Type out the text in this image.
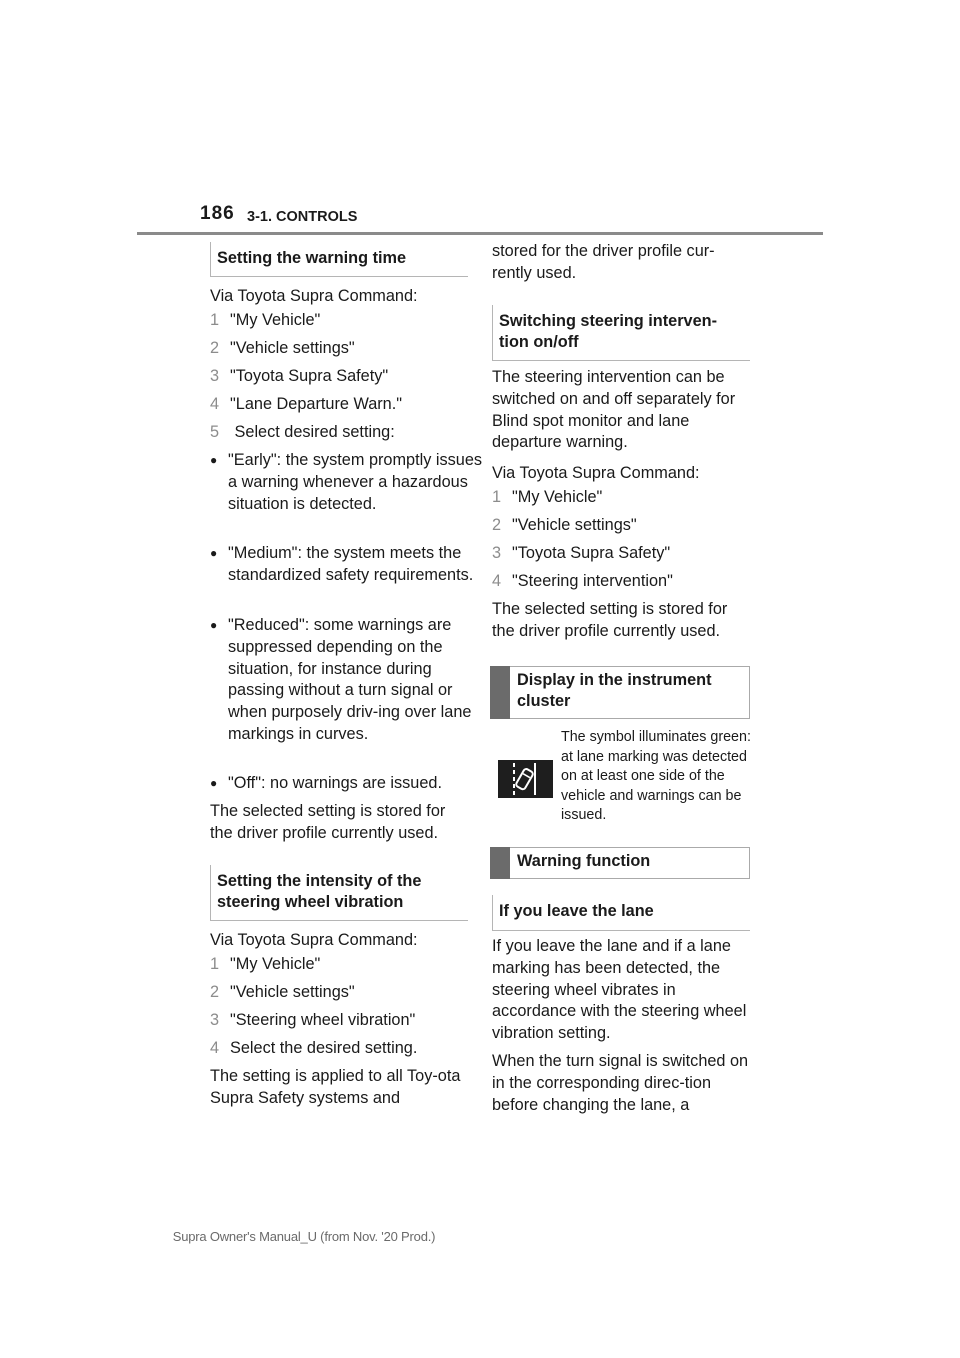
186 3-1. CONTROLS
Setting the warning time
Via Toyota Supra Command:
1 "My Vehicle"
2 "Vehicle settings"
3 "Toyota Supra Safety"
4 "Lane Departure Warn."
5 Select desired setting:
● "Early": the system promptly issues a warning whenever a hazardous situation is detected.
● "Medium": the system meets the standardized safety requirements.
● "Reduced": some warnings are suppressed depending on the situation, for instance during passing without a turn signal or when purposely driv-ing over lane markings in curves.
● "Off": no warnings are issued.
The selected setting is stored for the driver profile currently used.
Setting the intensity of the steering wheel vibration
Via Toyota Supra Command:
1 "My Vehicle"
2 "Vehicle settings"
3 "Steering wheel vibration"
4 Select the desired setting.
The setting is applied to all Toy-ota Supra Safety systems and
stored for the driver profile cur-rently used.
Switching steering interven-tion on/off
The steering intervention can be switched on and off separately for Blind spot monitor and lane departure warning.
Via Toyota Supra Command:
1 "My Vehicle"
2 "Vehicle settings"
3 "Toyota Supra Safety"
4 "Steering intervention"
The selected setting is stored for the driver profile currently used.
Display in the instrument cluster
The symbol illuminates green: at lane marking was detected on at least one side of the vehicle and warnings can be issued.
Warning function
If you leave the lane
If you leave the lane and if a lane marking has been detected, the steering wheel vibrates in accordance with the steering wheel vibration setting.
When the turn signal is switched on in the corresponding direc-tion before changing the lane, a
Supra Owner's Manual_U (from Nov. '20 Prod.)
